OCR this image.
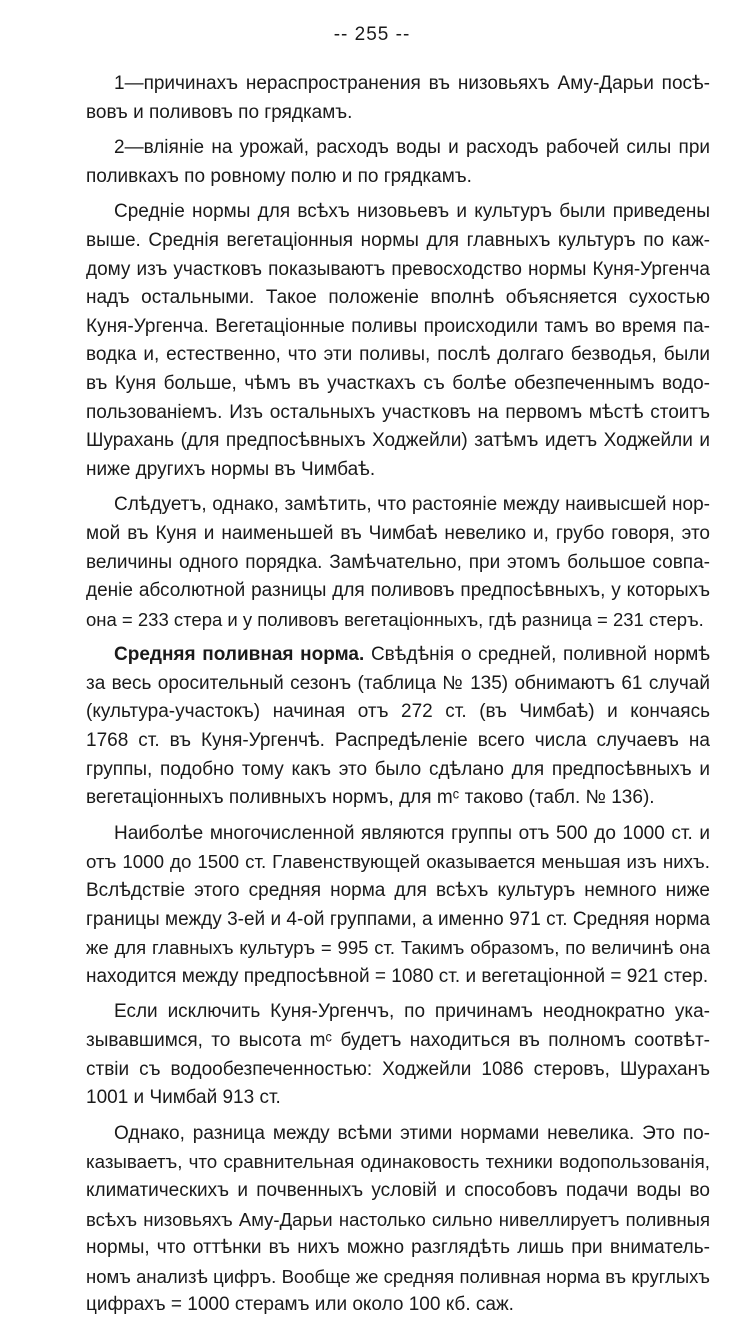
-- 255 --

1—причинахъ нераспространения въ низовьяхъ Аму-Дарьи посѣ-
вовъ и поливовъ по грядкамъ.

2—вліяніе на урожай, расходъ воды и расходъ рабочей силы при
поливкахъ по ровному полю и по грядкамъ.

Средніе нормы для всѣхъ низовьевъ и культуръ были приведены
выше. Среднія вегетаціонныя нормы для главныхъ культуръ по каж-
дому изъ участковъ показываютъ превосходство нормы Куня-Ургенча
надъ остальными. Такое положеніе вполнѣ объясняется сухостью
Куня-Ургенча. Вегетаціонные поливы происходили тамъ во время па-
водка и, естественно, что эти поливы, послѣ долгаго безводья, были
въ Куня больше, чѣмъ въ участкахъ съ болѣе обезпеченнымъ водо-
пользованіемъ. Изъ остальныхъ участковъ на первомъ мѣстѣ стоитъ
Шурахань (для предпосѣвныхъ Ходжейли) затѣмъ идетъ Ходжейли и
ниже другихъ нормы въ Чимбаѣ.

Слѣдуетъ, однако, замѣтить, что растояніе между наивысшей нор-
мой въ Куня и наименьшей въ Чимбаѣ невелико и, грубо говоря, это
величины одного порядка. Замѣчательно, при этомъ большое совпа-
деніе абсолютной разницы для поливовъ предпосѣвныхъ, у которыхъ
она = 233 стера и у поливовъ вегетаціонныхъ, гдѣ разница = 231 стеръ.

Средняя поливная норма. Свѣдѣнія о средней, поливной нормѣ
за весь оросительный сезонъ (таблица № 135) обнимаютъ 61 случай
(культура-участокъ) начиная отъ 272 ст. (въ Чимбаѣ) и кончаясь
1768 ст. въ Куня-Ургенчѣ. Распредѣленіе всего числа случаевъ на
группы, подобно тому какъ это было сдѣлано для предпосѣвныхъ и
вегетаціонныхъ поливныхъ нормъ, для mᶜ таково (табл. № 136).

Наиболѣе многочисленной являются группы отъ 500 до 1000 ст. и
отъ 1000 до 1500 ст. Главенствующей оказывается меньшая изъ нихъ.
Вслѣдствіе этого средняя норма для всѣхъ культуръ немного ниже
границы между 3-ей и 4-ой группами, а именно 971 ст. Средняя норма
же для главныхъ культуръ = 995 ст. Такимъ образомъ, по величинѣ она
находится между предпосѣвной = 1080 ст. и вегетаціонной = 921 стер.

Если исключить Куня-Ургенчъ, по причинамъ неоднократно ука-
зывавшимся, то высота mᶜ будетъ находиться въ полномъ соотвѣт-
ствіи съ водообезпеченностью: Ходжейли 1086 стеровъ, Шураханъ
1001 и Чимбай 913 ст.

Однако, разница между всѣми этими нормами невелика. Это по-
казываетъ, что сравнительная одинаковость техники водопользованія,
климатическихъ и почвенныхъ условій и способовъ подачи воды во
всѣхъ низовьяхъ Аму-Дарьи настолько сильно нивеллируетъ поливныя
нормы, что оттѣнки въ нихъ можно разглядѣть лишь при вниматель-
номъ анализѣ цифръ. Вообще же средняя поливная норма въ круглыхъ
цифрахъ = 1000 стерамъ или около 100 кб. саж.
